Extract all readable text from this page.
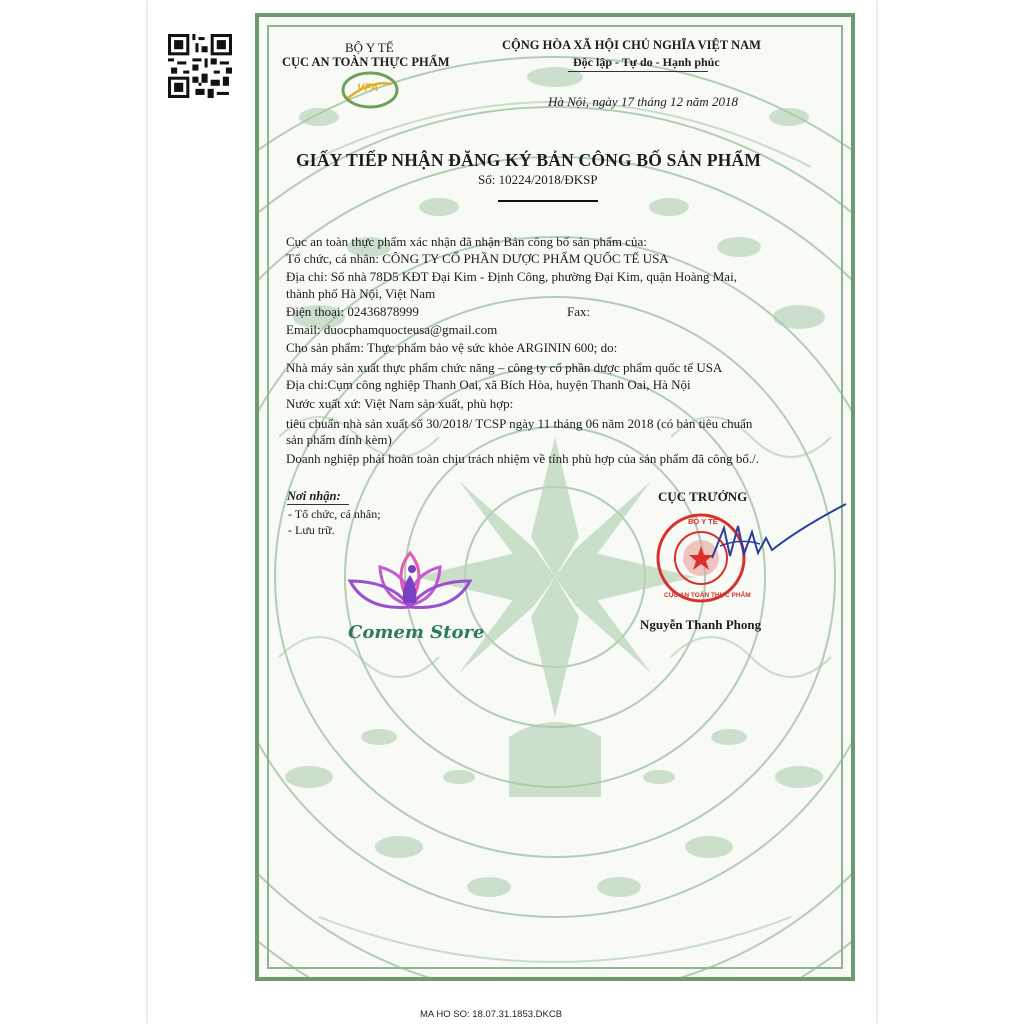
BỘ Y TẾ
CỤC AN TOÀN THỰC PHẨM
VFA
CỘNG HÒA XÃ HỘI CHỦ NGHĨA VIỆT NAM
Độc lập - Tự do - Hạnh phúc
Hà Nội, ngày 17 tháng 12 năm 2018
GIẤY TIẾP NHẬN ĐĂNG KÝ BẢN CÔNG BỐ SẢN PHẨM
Số: 10224/2018/ĐKSP
Cục an toàn thực phẩm xác nhận đã nhận Bản công bố sản phẩm của:
Tổ chức, cá nhân: CÔNG TY CỔ PHẦN DƯỢC PHẨM QUỐC TẾ USA
Địa chỉ: Số nhà 78D5 KĐT Đại Kim - Định Công, phường Đại Kim, quận Hoàng Mai,
thành phố Hà Nội, Việt Nam
Điện thoại: 02436878999	Fax:
Email: duocphamquocteusa@gmail.com
Cho sản phẩm: Thực phẩm bảo vệ sức khỏe ARGININ 600; do:
Nhà máy sản xuất thực phẩm chức năng – công ty cổ phần dược phẩm quốc tế USA
Địa chỉ:Cụm công nghiệp Thanh Oai, xã Bích Hòa, huyện Thanh Oai, Hà Nội
Nước xuất xứ: Việt Nam sản xuất, phù hợp:
tiêu chuẩn nhà sản xuất số 30/2018/ TCSP ngày 11 tháng 06 năm 2018 (có bản tiêu chuẩn
sản phẩm đính kèm)
Doanh nghiệp phải hoàn toàn chịu trách nhiệm về tính phù hợp của sản phẩm đã công bố./.
Nơi nhận:
- Tổ chức, cá nhân;
- Lưu trữ.
CỤC TRƯỞNG
BỘ Y TẾ
CỤC AN TOÀN THỰC PHẨM
Nguyễn Thanh Phong
Comem Store
MA HO SO: 18.07.31.1853.DKCB
